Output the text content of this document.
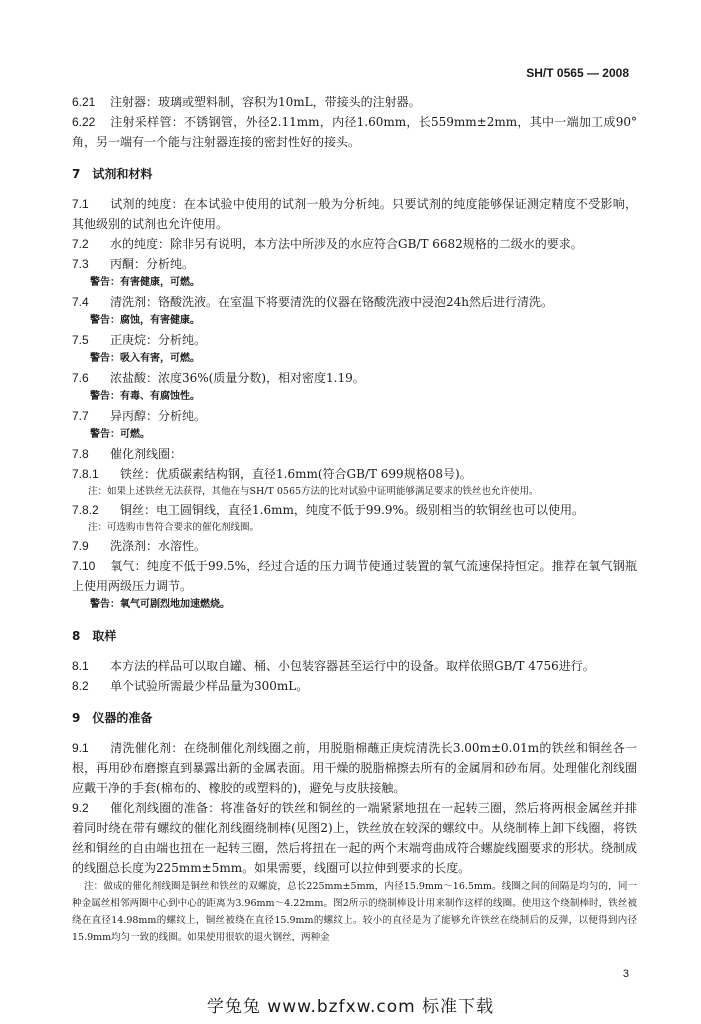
SH/T 0565 — 2008

6.21 注射器：玻璃或塑料制，容积为10mL，带接头的注射器。

6.22 注射采样管：不锈钢管，外径2.11mm，内径1.60mm，长559mm±2mm，其中一端加工成90°角，另一端有一个能与注射器连接的密封性好的接头。

7　试剂和材料

7.1 试剂的纯度：在本试验中使用的试剂一般为分析纯。只要试剂的纯度能够保证测定精度不受影响，其他级别的试剂也允许使用。

7.2 水的纯度：除非另有说明，本方法中所涉及的水应符合GB/T 6682规格的二级水的要求。

7.3 丙酮：分析纯。

警告：有害健康，可燃。

7.4 清洗剂：铬酸洗液。在室温下将要清洗的仪器在铬酸洗液中浸泡24h然后进行清洗。

警告：腐蚀，有害健康。

7.5 正庚烷：分析纯。

警告：吸入有害，可燃。

7.6 浓盐酸：浓度36%(质量分数)，相对密度1.19。

警告：有毒、有腐蚀性。

7.7 异丙醇：分析纯。

警告：可燃。

7.8 催化剂线圈：

7.8.1 铁丝：优质碳素结构钢，直径1.6mm(符合GB/T 699规格08号)。

注：如果上述铁丝无法获得，其他在与SH/T 0565方法的比对试验中证明能够满足要求的铁丝也允许使用。

7.8.2 铜丝：电工圆铜线，直径1.6mm，纯度不低于99.9%。级别相当的软铜丝也可以使用。

注：可选购市售符合要求的催化剂线圈。

7.9 洗涤剂：水溶性。

7.10 氧气：纯度不低于99.5%，经过合适的压力调节使通过装置的氧气流速保持恒定。推荐在氧气钢瓶上使用两级压力调节。

警告：氧气可剧烈地加速燃烧。

8　取样

8.1 本方法的样品可以取自罐、桶、小包装容器甚至运行中的设备。取样依照GB/T 4756进行。

8.2 单个试验所需最少样品量为300mL。

9　仪器的准备

9.1 清洗催化剂：在绕制催化剂线圈之前，用脱脂棉蘸正庚烷清洗长3.00m±0.01m的铁丝和铜丝各一根，再用砂布磨擦直到暴露出新的金属表面。用干燥的脱脂棉擦去所有的金属屑和砂布屑。处理催化剂线圈应戴干净的手套(棉布的、橡胶的或塑料的)，避免与皮肤接触。

9.2 催化剂线圈的准备：将准备好的铁丝和铜丝的一端紧紧地扭在一起转三圈，然后将两根金属丝并排着同时绕在带有螺纹的催化剂线圈绕制棒(见图2)上，铁丝放在较深的螺纹中。从绕制棒上卸下线圈，将铁丝和铜丝的自由端也扭在一起转三圈，然后将扭在一起的两个末端弯曲成符合螺旋线圈要求的形状。绕制成的线圈总长度为225mm±5mm。如果需要，线圈可以拉伸到要求的长度。

注：做成的催化剂线圈是铜丝和铁丝的双螺旋，总长225mm±5mm，内径15.9mm～16.5mm。线圈之间的间隔是均匀的，同一种金属丝相邻两圈中心到中心的距离为3.96mm～4.22mm。图2所示的绕制棒设计用来制作这样的线圈。使用这个绕制棒时，铁丝被绕在直径14.98mm的螺纹上，铜丝被绕在直径15.9mm的螺纹上。较小的直径是为了能够允许铁丝在绕制后的反弹，以便得到内径15.9mm均匀一致的线圈。如果使用很软的退火钢丝，两种金

3
学兔兔 www.bzfxw.com 标准下载
